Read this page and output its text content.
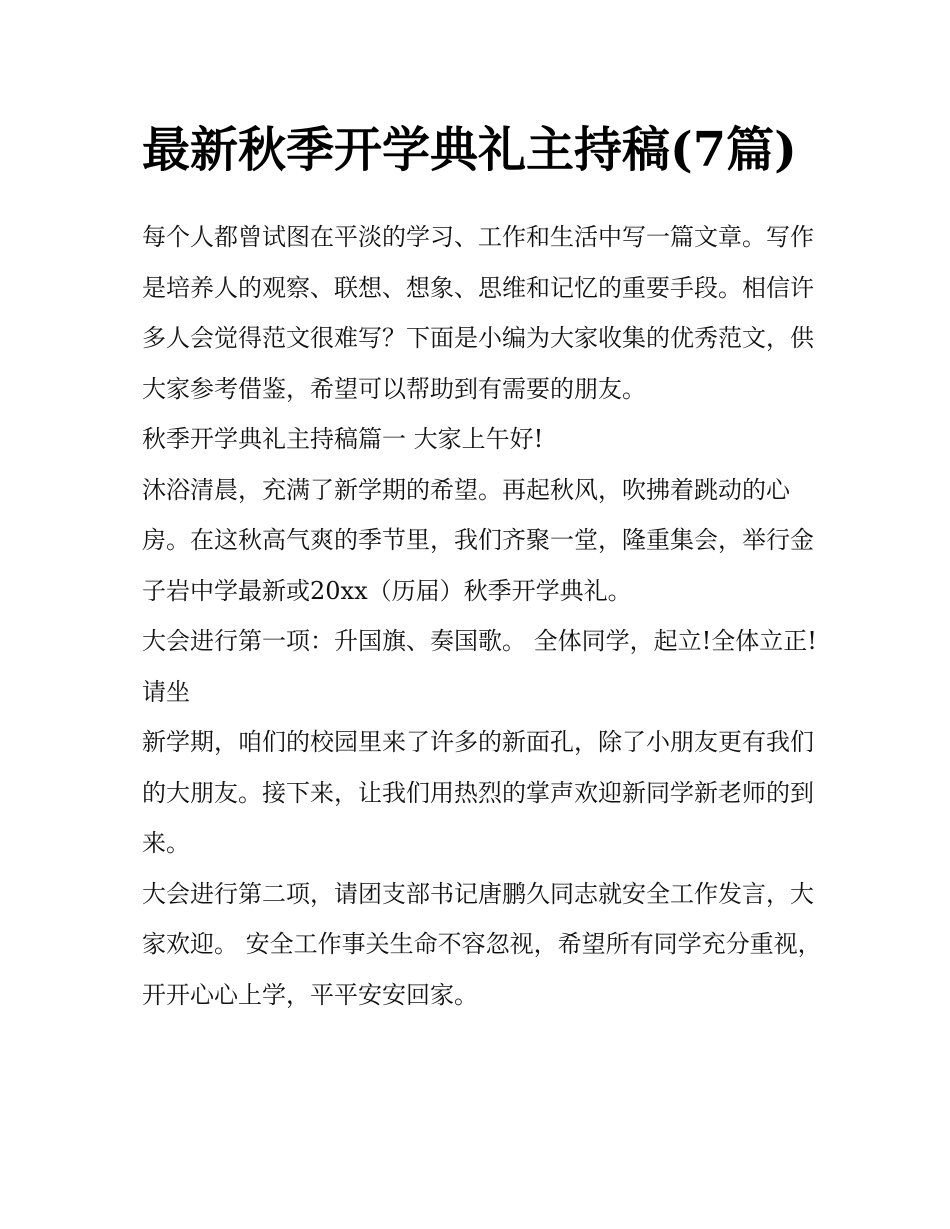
最新秋季开学典礼主持稿(7篇)

每个人都曾试图在平淡的学习、工作和生活中写一篇文章。写作是培养人的观察、联想、想象、思维和记忆的重要手段。相信许多人会觉得范文很难写？下面是小编为大家收集的优秀范文，供大家参考借鉴，希望可以帮助到有需要的朋友。

秋季开学典礼主持稿篇一 大家上午好!

沐浴清晨，充满了新学期的希望。再起秋风，吹拂着跳动的心房。在这秋高气爽的季节里，我们齐聚一堂，隆重集会，举行金子岩中学最新或20xx（历届）秋季开学典礼。

大会进行第一项：升国旗、奏国歌。 全体同学，起立!全体立正!请坐

新学期，咱们的校园里来了许多的新面孔，除了小朋友更有我们的大朋友。接下来，让我们用热烈的掌声欢迎新同学新老师的到来。

大会进行第二项，请团支部书记唐鹏久同志就安全工作发言，大家欢迎。 安全工作事关生命不容忽视，希望所有同学充分重视，开开心心上学，平平安安回家。
